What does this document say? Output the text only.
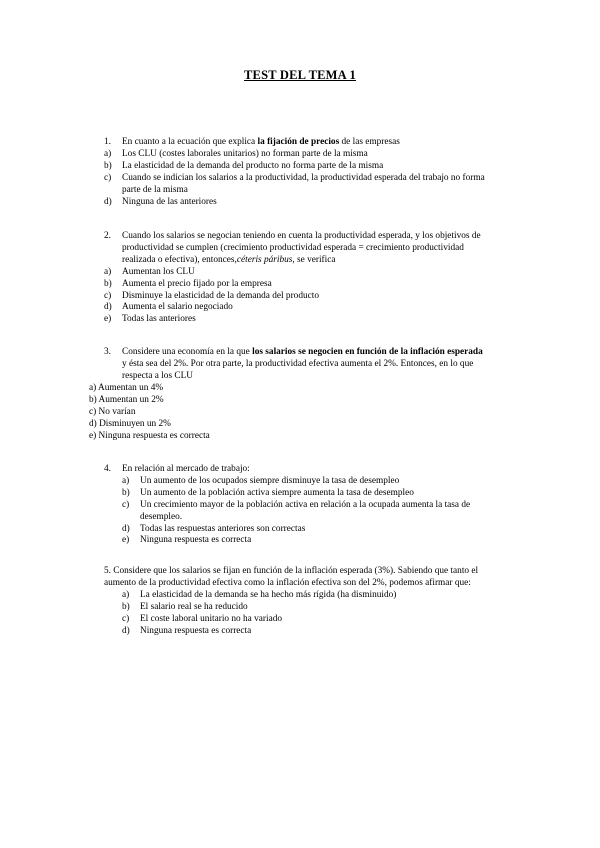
TEST DEL TEMA 1
1.	En cuanto a la ecuación que explica la fijación de precios de las empresas
a)	Los CLU (costes laborales unitarios) no forman parte de la misma
b)	La elasticidad de la demanda del producto no forma parte de la misma
c)	Cuando se indician los salarios a la productividad, la productividad esperada del trabajo no forma
parte de la misma
d)	Ninguna de las anteriores
2.	Cuando los salarios se negocian teniendo en cuenta la productividad esperada, y los objetivos de
productividad se cumplen (crecimiento productividad esperada = crecimiento productividad
realizada o efectiva), entonces, céteris páribus , se verifica
a)	Aumentan los CLU
b)	Aumenta el precio fijado por la empresa
c)	Disminuye la elasticidad de la demanda del producto
d)	Aumenta el salario negociado
e)	Todas las anteriores
3.	Considere una economía en la que los salarios se negocien en función de la inflación esperada
y ésta sea del 2%. Por otra parte, la productividad efectiva aumenta el 2%. Entonces, en lo que
respecta a los CLU
a) Aumentan un 4%
b) Aumentan un 2%
c) No varían
d) Disminuyen un 2%
e) Ninguna respuesta es correcta
4.	En relación al mercado de trabajo:
a)	Un aumento de los ocupados siempre disminuye la tasa de desempleo
b)	Un aumento de la población activa siempre aumenta la tasa de desempleo
c)	Un crecimiento mayor de la población activa en relación a la ocupada aumenta la tasa de
desempleo.
d)	Todas las respuestas anteriores son correctas
e)	Ninguna respuesta es correcta
5. Considere que los salarios se fijan en función de la inflación esperada (3%). Sabiendo que tanto el
aumento de la productividad efectiva como la inflación efectiva son del 2%, podemos afirmar que:
a)	La elasticidad de la demanda se ha hecho más rígida (ha disminuido)
b)	El salario real se ha reducido
c)	El coste laboral unitario no ha variado
d)	Ninguna respuesta es correcta
